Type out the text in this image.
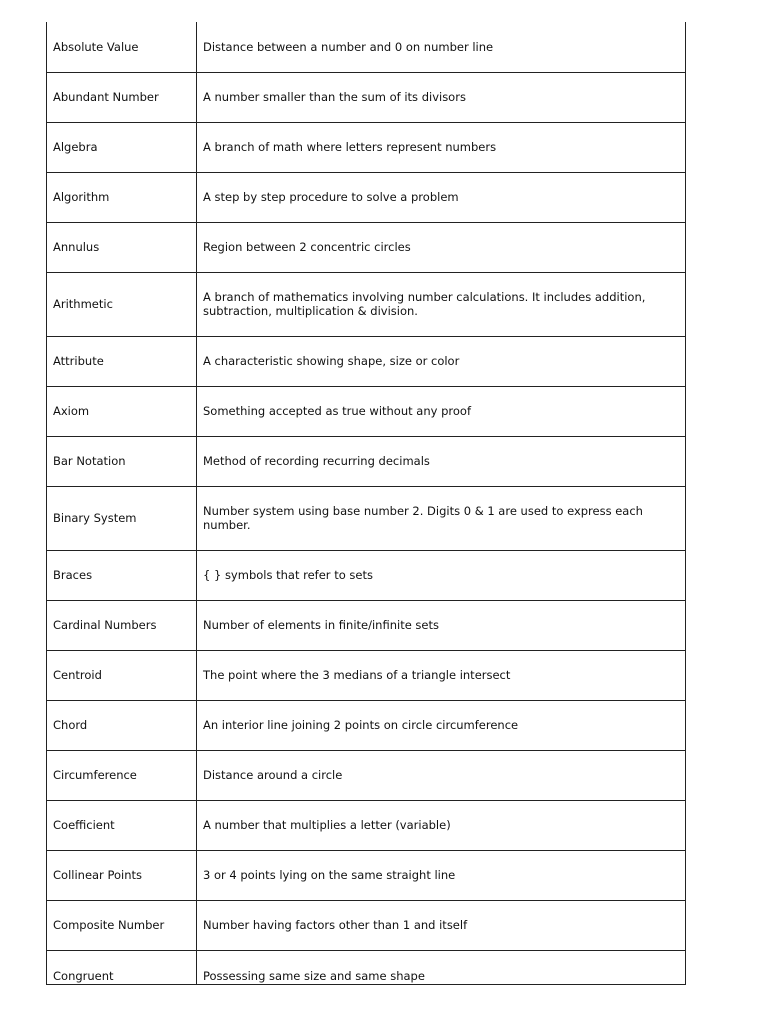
Absolute Value	Distance between a number and 0 on number line
Abundant Number	A number smaller than the sum of its divisors
Algebra	A branch of math where letters represent numbers
Algorithm	A step by step procedure to solve a problem
Annulus	Region between 2 concentric circles
Arithmetic	A branch of mathematics involving number calculations. It includes addition, subtraction, multiplication & division.
Attribute	A characteristic showing shape, size or color
Axiom	Something accepted as true without any proof
Bar Notation	Method of recording recurring decimals
Binary System	Number system using base number 2. Digits 0 & 1 are used to express each number.
Braces	{ } symbols that refer to sets
Cardinal Numbers	Number of elements in finite/infinite sets
Centroid	The point where the 3 medians of a triangle intersect
Chord	An interior line joining 2 points on circle circumference
Circumference	Distance around a circle
Coefficient	A number that multiplies a letter (variable)
Collinear Points	3 or 4 points lying on the same straight line
Composite Number	Number having factors other than 1 and itself
Congruent	Possessing same size and same shape
